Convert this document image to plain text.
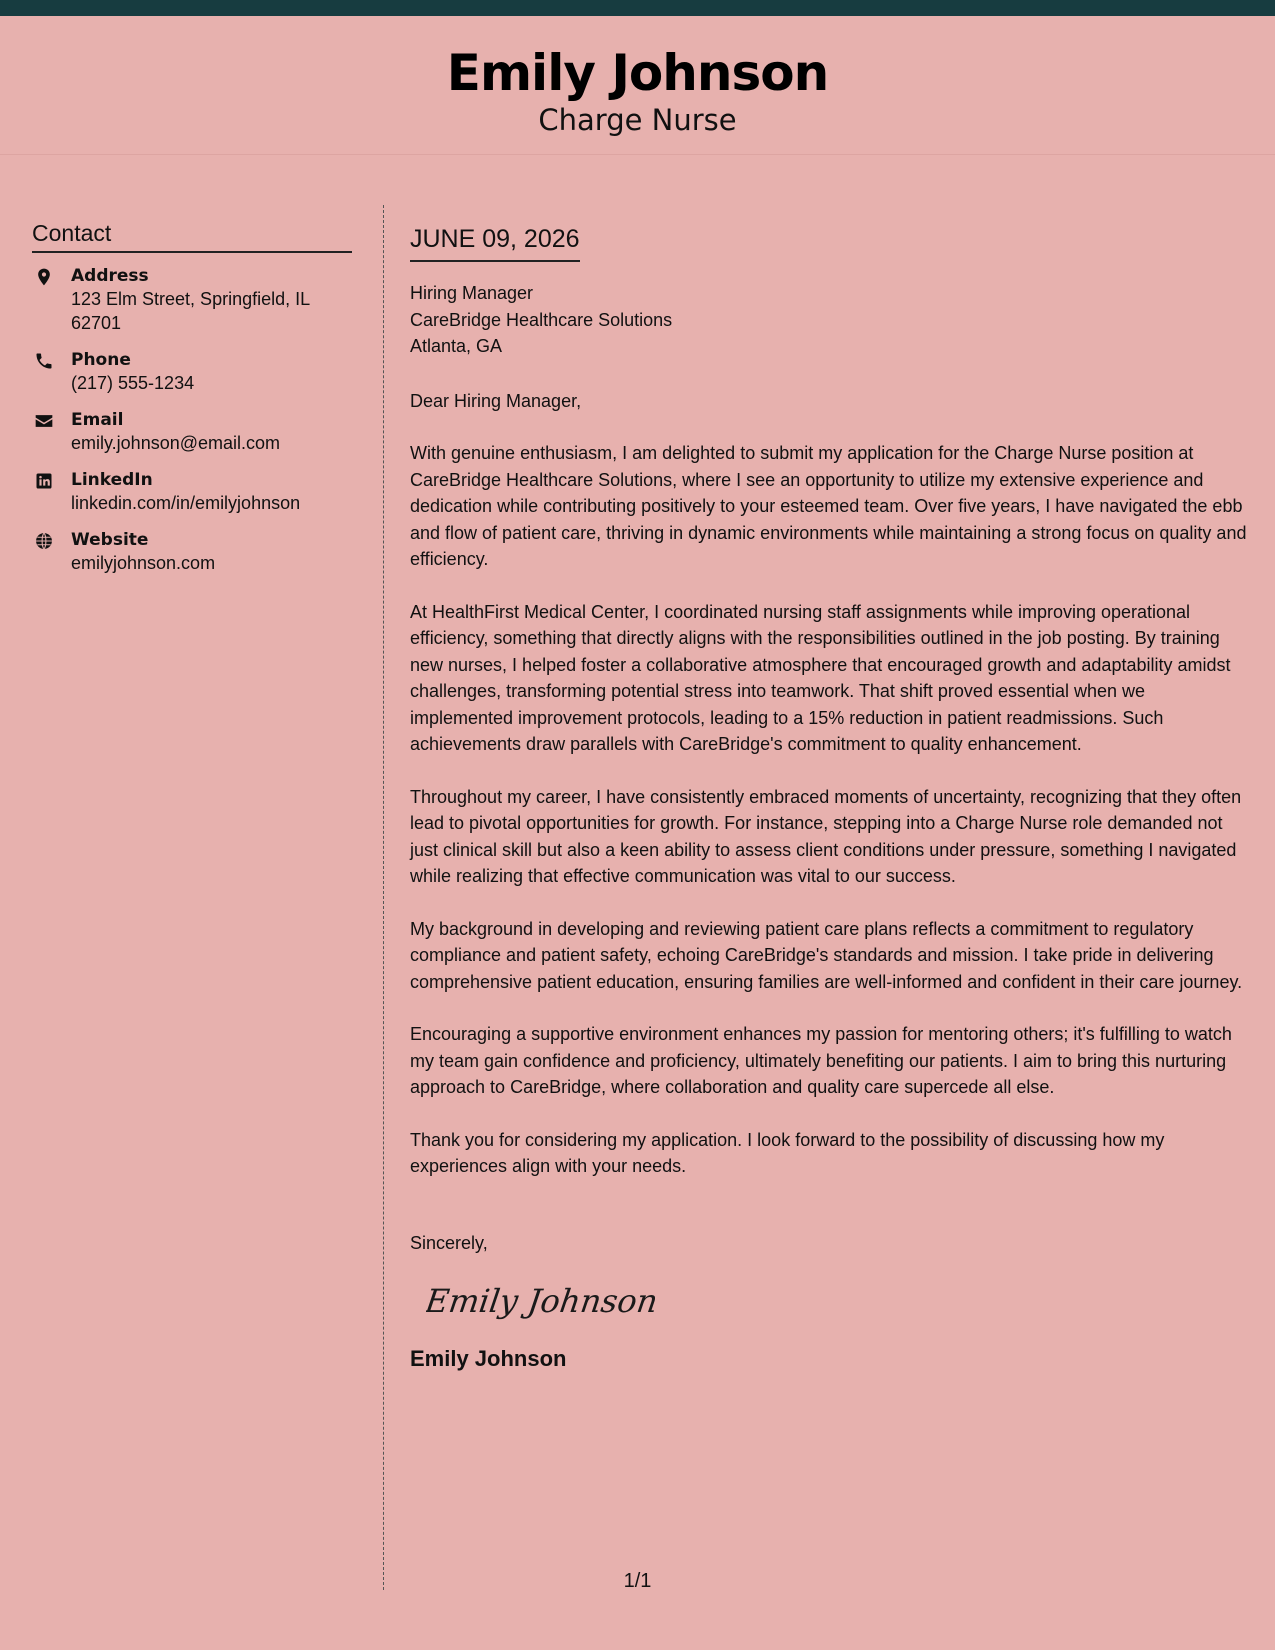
Emily Johnson
Charge Nurse
Contact
Address
123 Elm Street, Springfield, IL 62701
Phone
(217) 555-1234
Email
emily.johnson@email.com
LinkedIn
linkedin.com/in/emilyjohnson
Website
emilyjohnson.com
JUNE 09, 2026
Hiring Manager
CareBridge Healthcare Solutions
Atlanta, GA
Dear Hiring Manager,
With genuine enthusiasm, I am delighted to submit my application for the Charge Nurse position at CareBridge Healthcare Solutions, where I see an opportunity to utilize my extensive experience and dedication while contributing positively to your esteemed team. Over five years, I have navigated the ebb and flow of patient care, thriving in dynamic environments while maintaining a strong focus on quality and efficiency.
At HealthFirst Medical Center, I coordinated nursing staff assignments while improving operational efficiency, something that directly aligns with the responsibilities outlined in the job posting. By training new nurses, I helped foster a collaborative atmosphere that encouraged growth and adaptability amidst challenges, transforming potential stress into teamwork. That shift proved essential when we implemented improvement protocols, leading to a 15% reduction in patient readmissions. Such achievements draw parallels with CareBridge's commitment to quality enhancement.
Throughout my career, I have consistently embraced moments of uncertainty, recognizing that they often lead to pivotal opportunities for growth. For instance, stepping into a Charge Nurse role demanded not just clinical skill but also a keen ability to assess client conditions under pressure, something I navigated while realizing that effective communication was vital to our success.
My background in developing and reviewing patient care plans reflects a commitment to regulatory compliance and patient safety, echoing CareBridge's standards and mission. I take pride in delivering comprehensive patient education, ensuring families are well-informed and confident in their care journey.
Encouraging a supportive environment enhances my passion for mentoring others; it's fulfilling to watch my team gain confidence and proficiency, ultimately benefiting our patients. I aim to bring this nurturing approach to CareBridge, where collaboration and quality care supercede all else.
Thank you for considering my application. I look forward to the possibility of discussing how my experiences align with your needs.
Sincerely,
Emily Johnson
Emily Johnson
1/1
